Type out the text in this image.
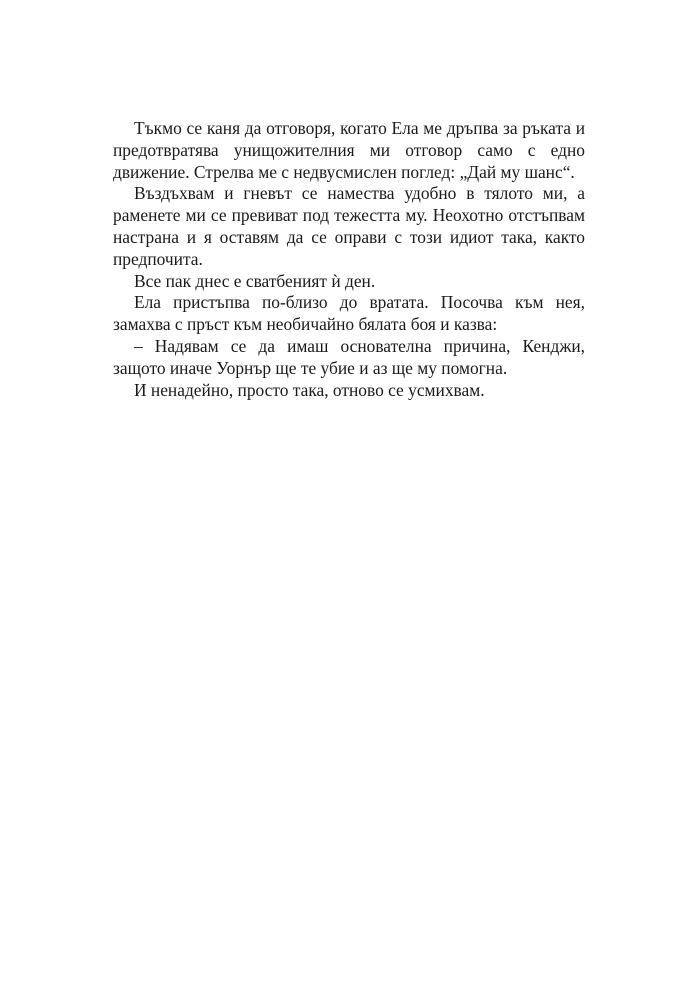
Тъкмо се каня да отговоря, когато Ела ме дръпва за ръката и предотвратява унищожителния ми отговор само с едно движение. Стрелва ме с недвусмислен поглед: „Дай му шанс“.

Въздъхвам и гневът се намества удобно в тялото ми, а раменете ми се превиват под тежестта му. Неохотно отстъпвам настрана и я оставям да се оправи с този идиот така, както предпочита.

Все пак днес е сватбеният ѝ ден.

Ела пристъпва по-близо до вратата. Посочва към нея, замахва с пръст към необичайно бялата боя и казва:

– Надявам се да имаш основателна причина, Кенджи, защото иначе Уорнър ще те убие и аз ще му помогна.

И ненадейно, просто така, отново се усмихвам.
